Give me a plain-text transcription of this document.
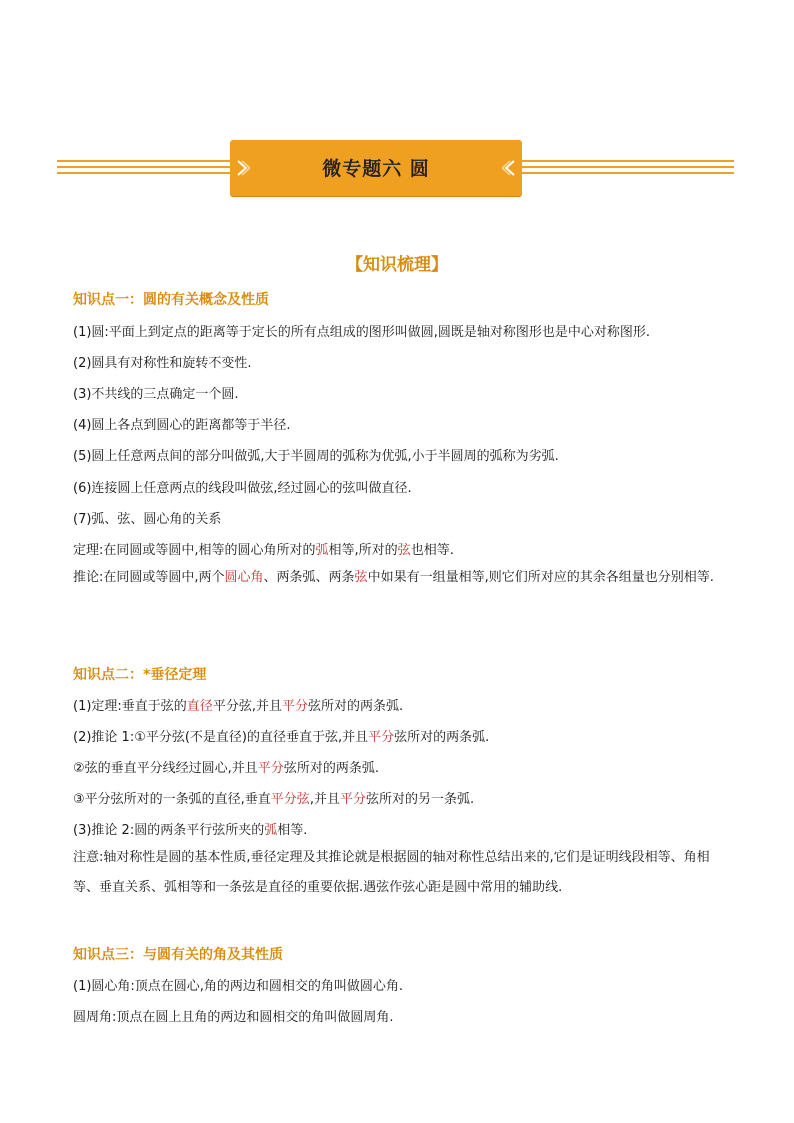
微专题六 圆
【知识梳理】
知识点一：圆的有关概念及性质
(1)圆:平面上到定点的距离等于定长的所有点组成的图形叫做圆,圆既是轴对称图形也是中心对称图形.
(2)圆具有对称性和旋转不变性.
(3)不共线的三点确定一个圆.
(4)圆上各点到圆心的距离都等于半径.
(5)圆上任意两点间的部分叫做弧,大于半圆周的弧称为优弧,小于半圆周的弧称为劣弧.
(6)连接圆上任意两点的线段叫做弦,经过圆心的弦叫做直径.
(7)弧、弦、圆心角的关系
定理:在同圆或等圆中,相等的圆心角所对的弧相等,所对的弦也相等.
推论:在同圆或等圆中,两个圆心角、两条弧、两条弦中如果有一组量相等,则它们所对应的其余各组量也分别相等.
知识点二：*垂径定理
(1)定理:垂直于弦的直径平分弦,并且平分弦所对的两条弧.
(2)推论 1:①平分弦(不是直径)的直径垂直于弦,并且平分弦所对的两条弧.
②弦的垂直平分线经过圆心,并且平分弦所对的两条弧.
③平分弦所对的一条弧的直径,垂直平分弦,并且平分弦所对的另一条弧.
(3)推论 2:圆的两条平行弦所夹的弧相等.
注意:轴对称性是圆的基本性质,垂径定理及其推论就是根据圆的轴对称性总结出来的,它们是证明线段相等、角相等、垂直关系、弧相等和一条弦是直径的重要依据.遇弦作弦心距是圆中常用的辅助线.
知识点三：与圆有关的角及其性质
(1)圆心角:顶点在圆心,角的两边和圆相交的角叫做圆心角.
圆周角:顶点在圆上且角的两边和圆相交的角叫做圆周角.
